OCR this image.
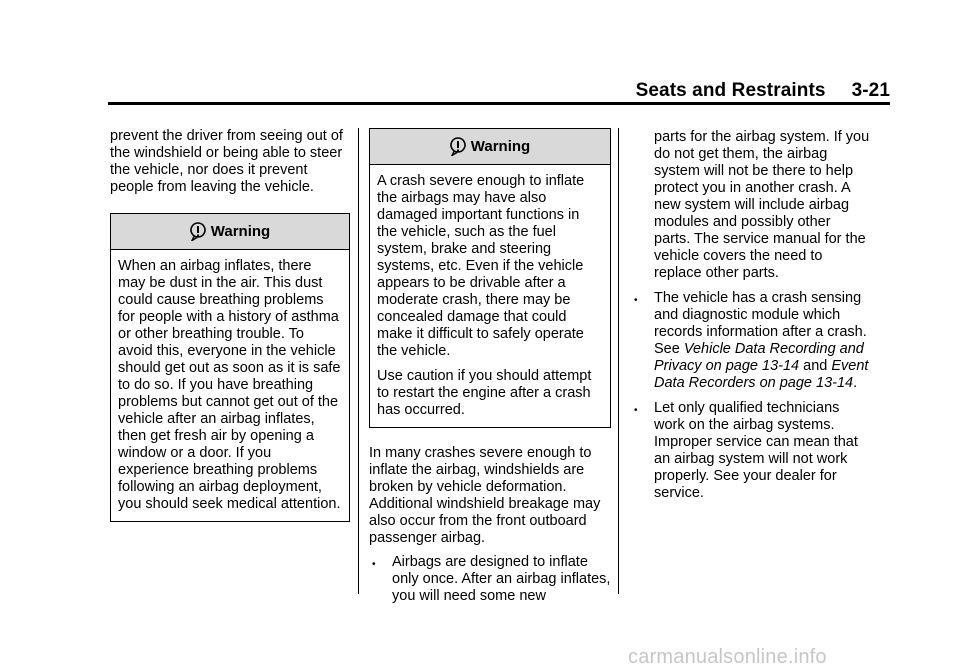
Seats and Restraints 3-21

prevent the driver from seeing out of the windshield or being able to steer the vehicle, nor does it prevent people from leaving the vehicle.

Warning

When an airbag inflates, there may be dust in the air. This dust could cause breathing problems for people with a history of asthma or other breathing trouble. To avoid this, everyone in the vehicle should get out as soon as it is safe to do so. If you have breathing problems but cannot get out of the vehicle after an airbag inflates, then get fresh air by opening a window or a door. If you experience breathing problems following an airbag deployment, you should seek medical attention.

Warning

A crash severe enough to inflate the airbags may have also damaged important functions in the vehicle, such as the fuel system, brake and steering systems, etc. Even if the vehicle appears to be drivable after a moderate crash, there may be concealed damage that could make it difficult to safely operate the vehicle.

Use caution if you should attempt to restart the engine after a crash has occurred.

In many crashes severe enough to inflate the airbag, windshields are broken by vehicle deformation. Additional windshield breakage may also occur from the front outboard passenger airbag.

• Airbags are designed to inflate only once. After an airbag inflates, you will need some new

parts for the airbag system. If you do not get them, the airbag system will not be there to help protect you in another crash. A new system will include airbag modules and possibly other parts. The service manual for the vehicle covers the need to replace other parts.

• The vehicle has a crash sensing and diagnostic module which records information after a crash. See Vehicle Data Recording and Privacy on page 13-14 and Event Data Recorders on page 13-14.
• Let only qualified technicians work on the airbag systems. Improper service can mean that an airbag system will not work properly. See your dealer for service.
carmanualsonline.info
